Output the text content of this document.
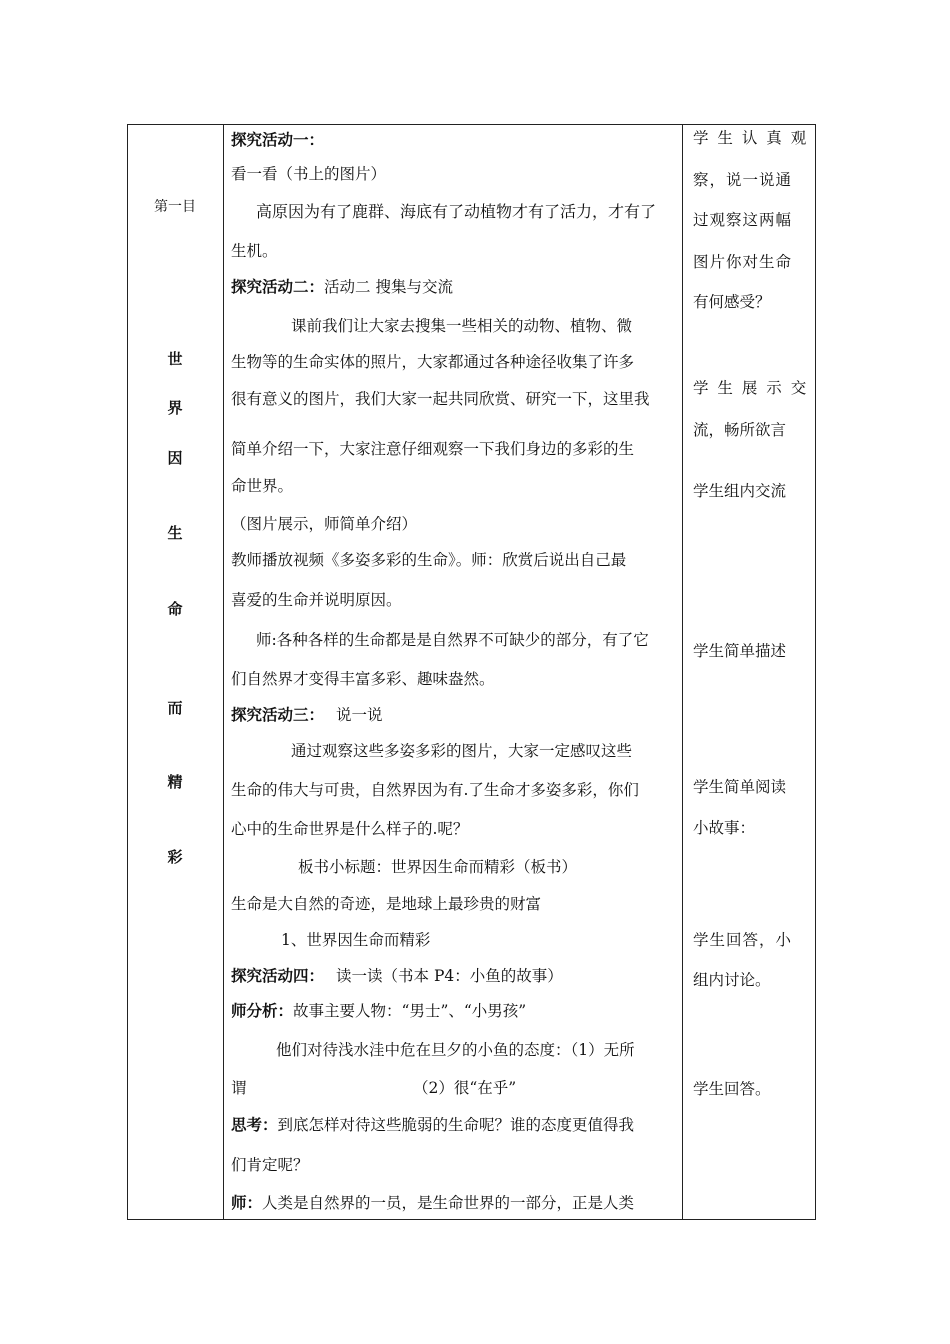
第一目
世
界
因
生
命
而
精
彩
探究活动一：
看一看（书上的图片）
高原因为有了鹿群、海底有了动植物才有了活力，才有了
生机。
探究活动二：活动二 搜集与交流
课前我们让大家去搜集一些相关的动物、植物、微
生物等的生命实体的照片，大家都通过各种途径收集了许多
很有意义的图片，我们大家一起共同欣赏、研究一下，这里我
简单介绍一下，大家注意仔细观察一下我们身边的多彩的生
命世界。
（图片展示，师简单介绍）
教师播放视频《多姿多彩的生命》。师：欣赏后说出自己最
喜爱的生命并说明原因。
师:各种各样的生命都是是自然界不可缺少的部分，有了它
们自然界才变得丰富多彩、趣味盎然。
探究活动三： 说一说
通过观察这些多姿多彩的图片，大家一定感叹这些
生命的伟大与可贵，自然界因为有.了生命才多姿多彩，你们
心中的生命世界是什么样子的.呢？
板书小标题：世界因生命而精彩（板书）
生命是大自然的奇迹，是地球上最珍贵的财富
1、世界因生命而精彩
探究活动四： 读一读（书本 P4：小鱼的故事）
师分析：故事主要人物：“男士”、“小男孩”
他们对待浅水洼中危在旦夕的小鱼的态度：（1）无所
谓	（2）很“在乎”
思考：到底怎样对待这些脆弱的生命呢？谁的态度更值得我
们肯定呢？
师：人类是自然界的一员，是生命世界的一部分，正是人类
学 生 认 真 观
察，说一说通
过观察这两幅
图片你对生命
有何感受？
学 生 展 示 交
流，畅所欲言
学生组内交流
学生简单描述
学生简单阅读
小故事：
学生回答，小
组内讨论。
学生回答。
